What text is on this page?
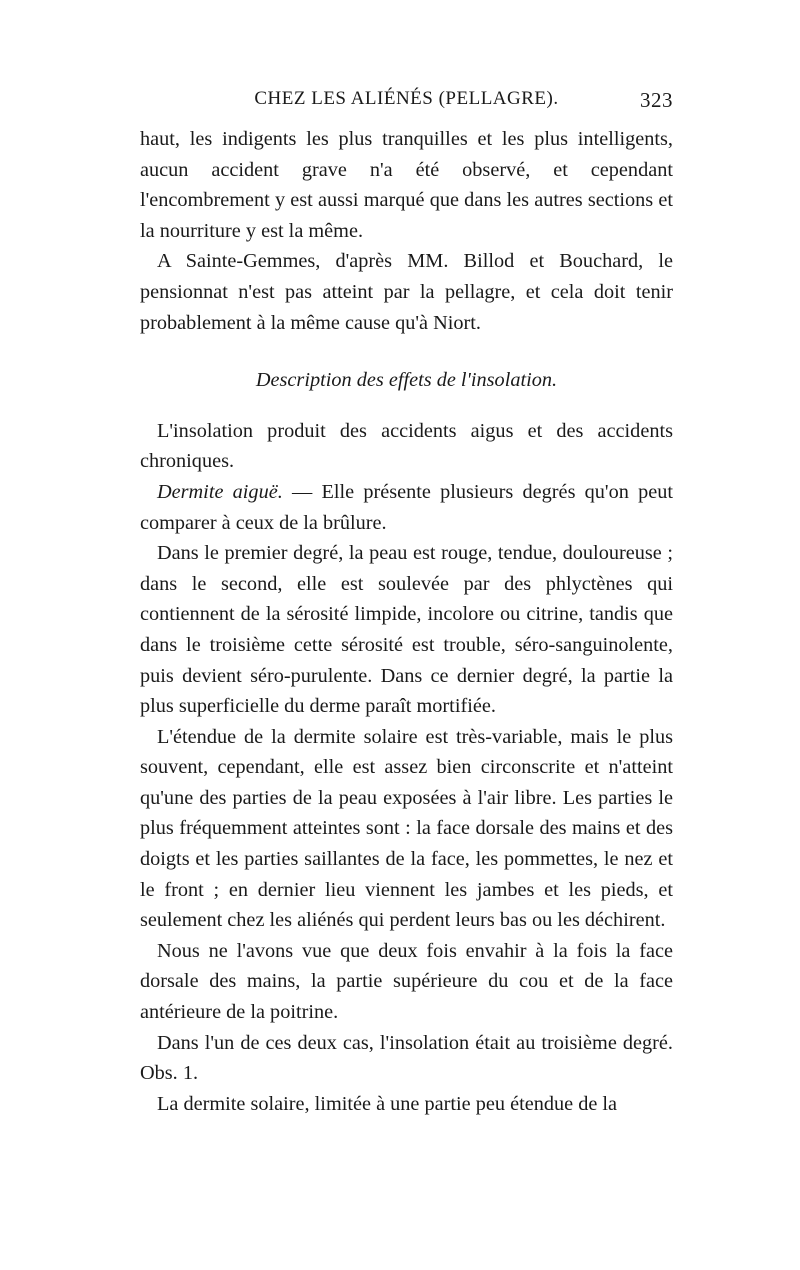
CHEZ LES ALIÉNÉS (PELLAGRE).	323

haut, les indigents les plus tranquilles et les plus intelligents, aucun accident grave n'a été observé, et cependant l'encombrement y est aussi marqué que dans les autres sections et la nourriture y est la même.

A Sainte-Gemmes, d'après MM. Billod et Bouchard, le pensionnat n'est pas atteint par la pellagre, et cela doit tenir probablement à la même cause qu'à Niort.

Description des effets de l'insolation.

L'insolation produit des accidents aigus et des accidents chroniques.

Dermite aiguë. — Elle présente plusieurs degrés qu'on peut comparer à ceux de la brûlure.

Dans le premier degré, la peau est rouge, tendue, douloureuse ; dans le second, elle est soulevée par des phlyctènes qui contiennent de la sérosité limpide, incolore ou citrine, tandis que dans le troisième cette sérosité est trouble, séro-sanguinolente, puis devient séro-purulente. Dans ce dernier degré, la partie la plus superficielle du derme paraît mortifiée.

L'étendue de la dermite solaire est très-variable, mais le plus souvent, cependant, elle est assez bien circonscrite et n'atteint qu'une des parties de la peau exposées à l'air libre. Les parties le plus fréquemment atteintes sont : la face dorsale des mains et des doigts et les parties saillantes de la face, les pommettes, le nez et le front ; en dernier lieu viennent les jambes et les pieds, et seulement chez les aliénés qui perdent leurs bas ou les déchirent.

Nous ne l'avons vue que deux fois envahir à la fois la face dorsale des mains, la partie supérieure du cou et de la face antérieure de la poitrine.

Dans l'un de ces deux cas, l'insolation était au troisième degré. Obs. 1.

La dermite solaire, limitée à une partie peu étendue de la
